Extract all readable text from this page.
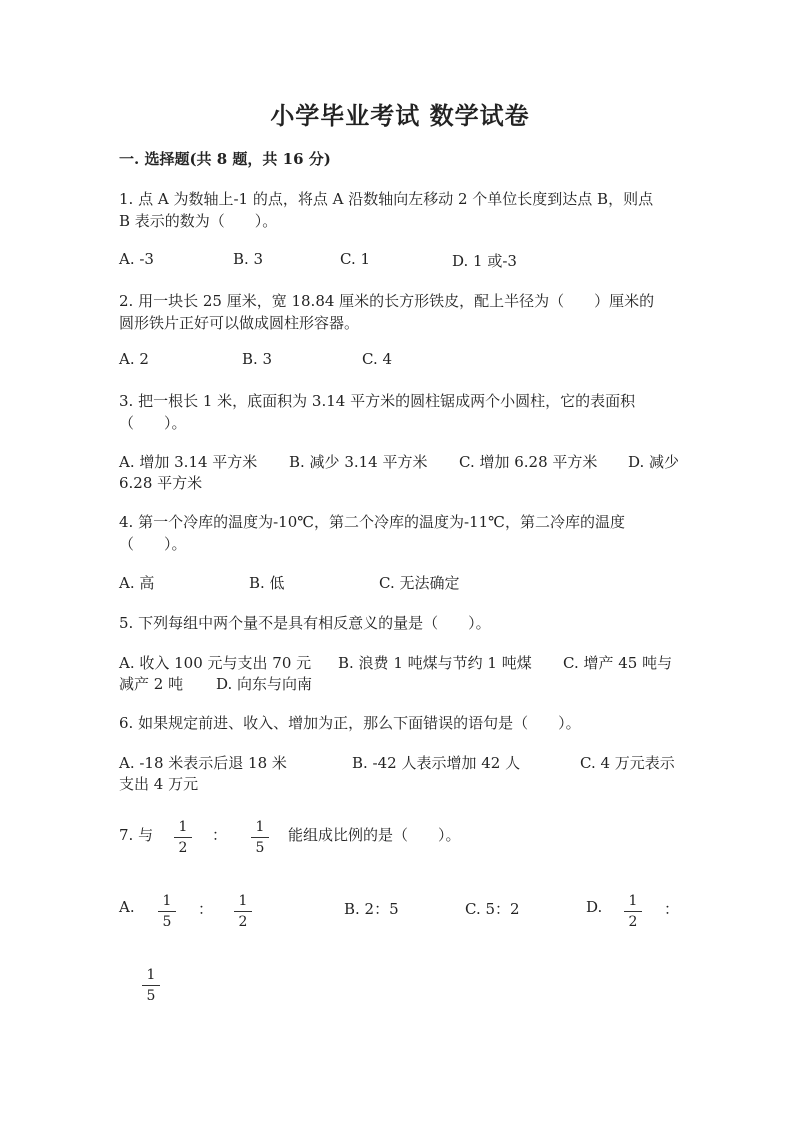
小学毕业考试 数学试卷
一. 选择题(共 8 题，共 16 分)
1. 点 A 为数轴上-1 的点，将点 A 沿数轴向左移动 2 个单位长度到达点 B，则点
B 表示的数为（　　）。
A. -3	B. 3	C. 1	D. 1 或-3
2. 用一块长 25 厘米，宽 18.84 厘米的长方形铁皮，配上半径为（　　）厘米的
圆形铁片正好可以做成圆柱形容器。
A. 2	B. 3	C. 4
3. 把一根长 1 米，底面积为 3.14 平方米的圆柱锯成两个小圆柱，它的表面积
（　　）。
A. 增加 3.14 平方米 B. 减少 3.14 平方米 C. 增加 6.28 平方米 D. 减少
6.28 平方米
4. 第一个冷库的温度为-10℃，第二个冷库的温度为-11℃，第二冷库的温度
（　　）。
A. 高	B. 低	C. 无法确定
5. 下列每组中两个量不是具有相反意义的量是（　　）。
A. 收入 100 元与支出 70 元 B. 浪费 1 吨煤与节约 1 吨煤 C. 增产 45 吨与
减产 2 吨 D. 向东与向南
6. 如果规定前进、收入、增加为正，那么下面错误的语句是（　　）。
A. -18 米表示后退 18 米	B. -42 人表示增加 42 人	C. 4 万元表示
支出 4 万元
7. 与 $\frac{1}{2}$ ： $\frac{1}{5}$ 能组成比例的是（　　）。
A. $\frac{1}{5}$ ： $\frac{1}{2}$	B. 2：5	C. 5：2	D. $\frac{1}{2}$ ：
$\frac{1}{5}$
